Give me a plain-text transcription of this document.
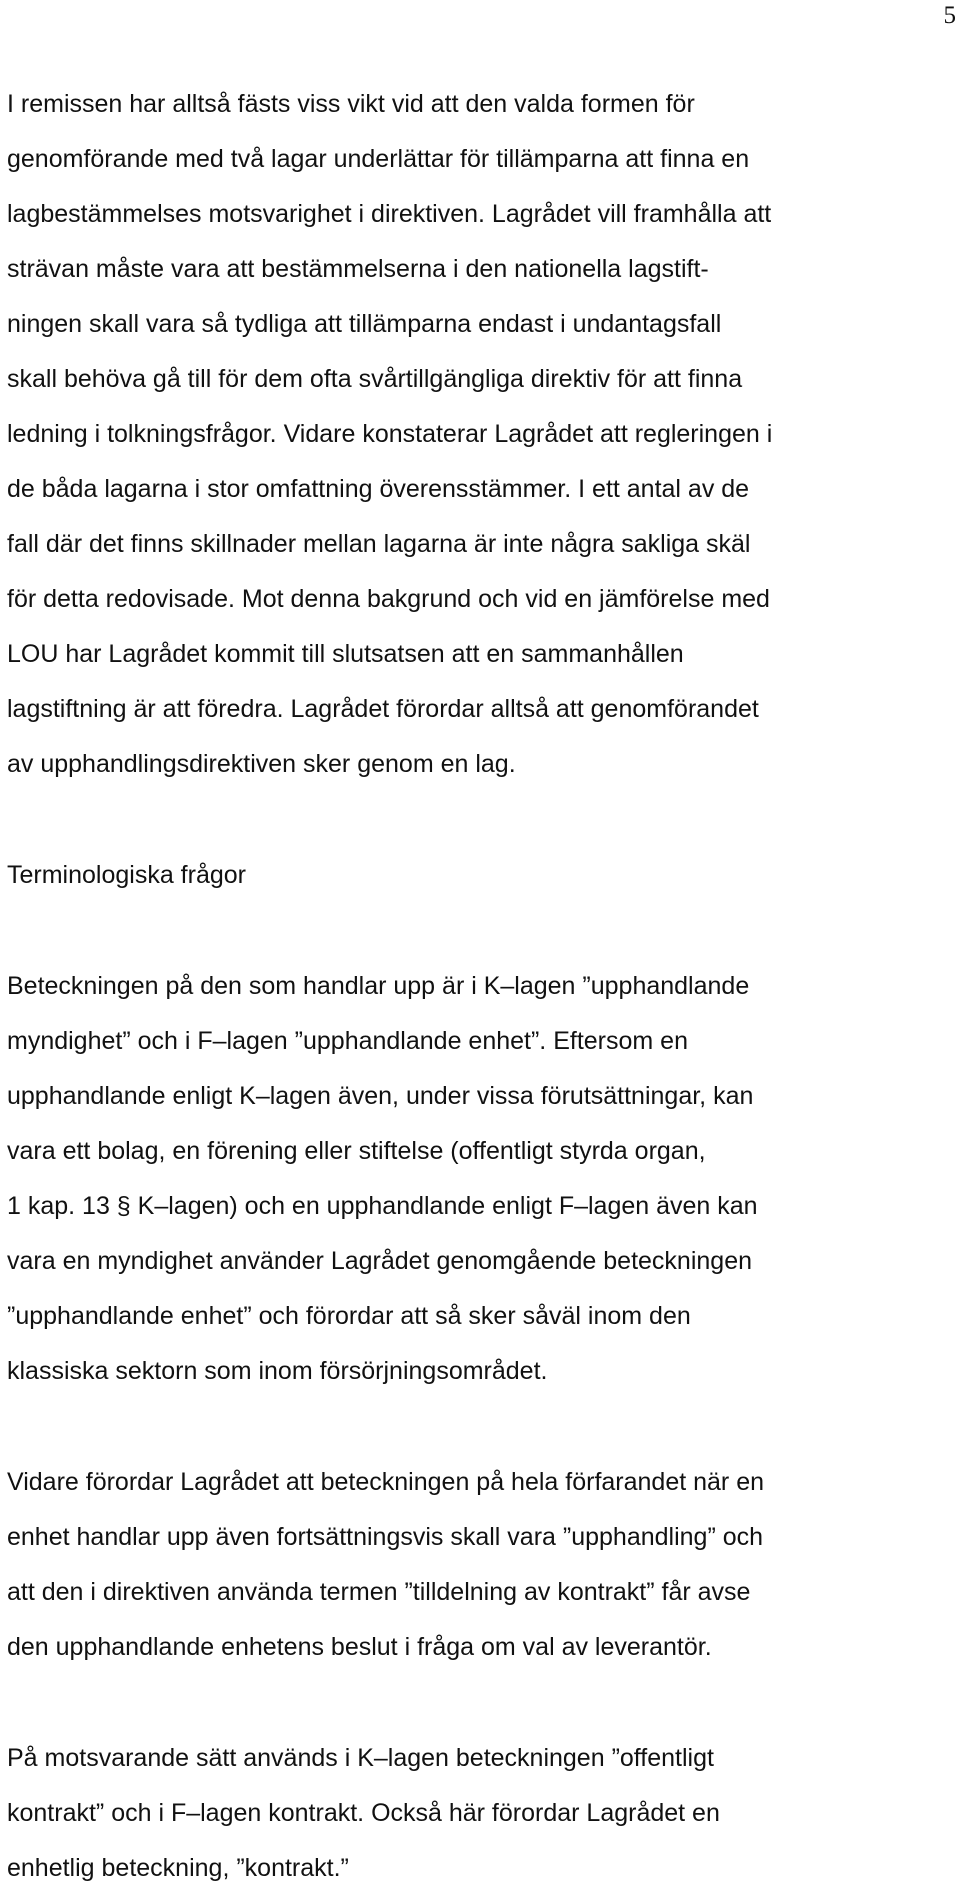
5
I remissen har alltså fästs viss vikt vid att den valda formen för
genomförande med två lagar underlättar för tillämparna att finna en
lagbestämmelses motsvarighet i direktiven. Lagrådet vill framhålla att
strävan måste vara att bestämmelserna i den nationella lagstift-
ningen skall vara så tydliga att tillämparna endast i undantagsfall
skall behöva gå till för dem ofta svårtillgängliga direktiv för att finna
ledning i tolkningsfrågor. Vidare konstaterar Lagrådet att regleringen i
de båda lagarna i stor omfattning överensstämmer. I ett antal av de
fall där det finns skillnader mellan lagarna är inte några sakliga skäl
för detta redovisade. Mot denna bakgrund och vid en jämförelse med
LOU har Lagrådet kommit till slutsatsen att en sammanhållen
lagstiftning är att föredra. Lagrådet förordar alltså att genomförandet
av upphandlingsdirektiven sker genom en lag.
Terminologiska frågor
Beteckningen på den som handlar upp är i K–lagen ”upphandlande
myndighet” och i F–lagen ”upphandlande enhet”. Eftersom en
upphandlande enligt K–lagen även, under vissa förutsättningar, kan
vara ett bolag, en förening eller stiftelse (offentligt styrda organ,
1 kap. 13 § K–lagen) och en upphandlande enligt F–lagen även kan
vara en myndighet använder Lagrådet genomgående beteckningen
”upphandlande enhet” och förordar att så sker såväl inom den
klassiska sektorn som inom försörjningsområdet.
Vidare förordar Lagrådet att beteckningen på hela förfarandet när en
enhet handlar upp även fortsättningsvis skall vara ”upphandling” och
att den i direktiven använda termen ”tilldelning av kontrakt” får avse
den upphandlande enhetens beslut i fråga om val av leverantör.
På motsvarande sätt används i K–lagen beteckningen ”offentligt
kontrakt” och i F–lagen kontrakt. Också här förordar Lagrådet en
enhetlig beteckning, ”kontrakt.”
